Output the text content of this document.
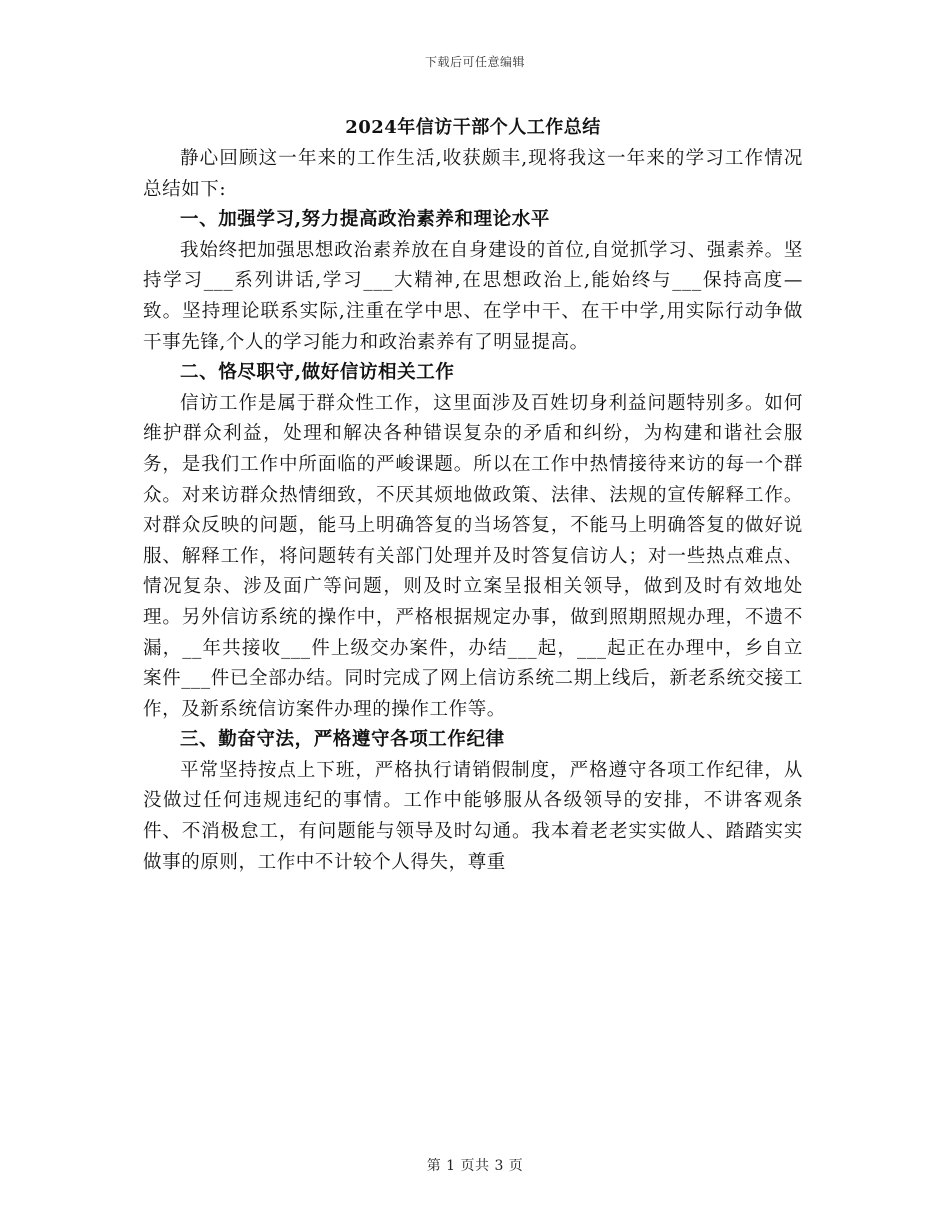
下载后可任意编辑

2024年信访干部个人工作总结

静心回顾这一年来的工作生活,收获颇丰,现将我这一年来的学习工作情况总结如下:

一、加强学习,努力提高政治素养和理论水平

我始终把加强思想政治素养放在自身建设的首位,自觉抓学习、强素养。坚持学习___系列讲话,学习___大精神,在思想政治上,能始终与___保持高度—致。坚持理论联系实际,注重在学中思、在学中干、在干中学,用实际行动争做干事先锋,个人的学习能力和政治素养有了明显提高。

二、恪尽职守,做好信访相关工作

信访工作是属于群众性工作，这里面涉及百姓切身利益问题特别多。如何维护群众利益，处理和解决各种错误复杂的矛盾和纠纷，为构建和谐社会服务，是我们工作中所面临的严峻课题。所以在工作中热情接待来访的每一个群众。对来访群众热情细致，不厌其烦地做政策、法律、法规的宣传解释工作。对群众反映的问题，能马上明确答复的当场答复，不能马上明确答复的做好说服、解释工作，将问题转有关部门处理并及时答复信访人；对一些热点难点、情况复杂、涉及面广等问题，则及时立案呈报相关领导，做到及时有效地处理。另外信访系统的操作中，严格根据规定办事，做到照期照规办理，不遗不漏，__年共接收___件上级交办案件，办结___起，___起正在办理中，乡自立案件___件已全部办结。同时完成了网上信访系统二期上线后，新老系统交接工作，及新系统信访案件办理的操作工作等。

三、勤奋守法，严格遵守各项工作纪律

平常坚持按点上下班，严格执行请销假制度，严格遵守各项工作纪律，从没做过任何违规违纪的事情。工作中能够服从各级领导的安排，不讲客观条件、不消极怠工，有问题能与领导及时勾通。我本着老老实实做人、踏踏实实做事的原则，工作中不计较个人得失，尊重

第 1 页共 3 页
